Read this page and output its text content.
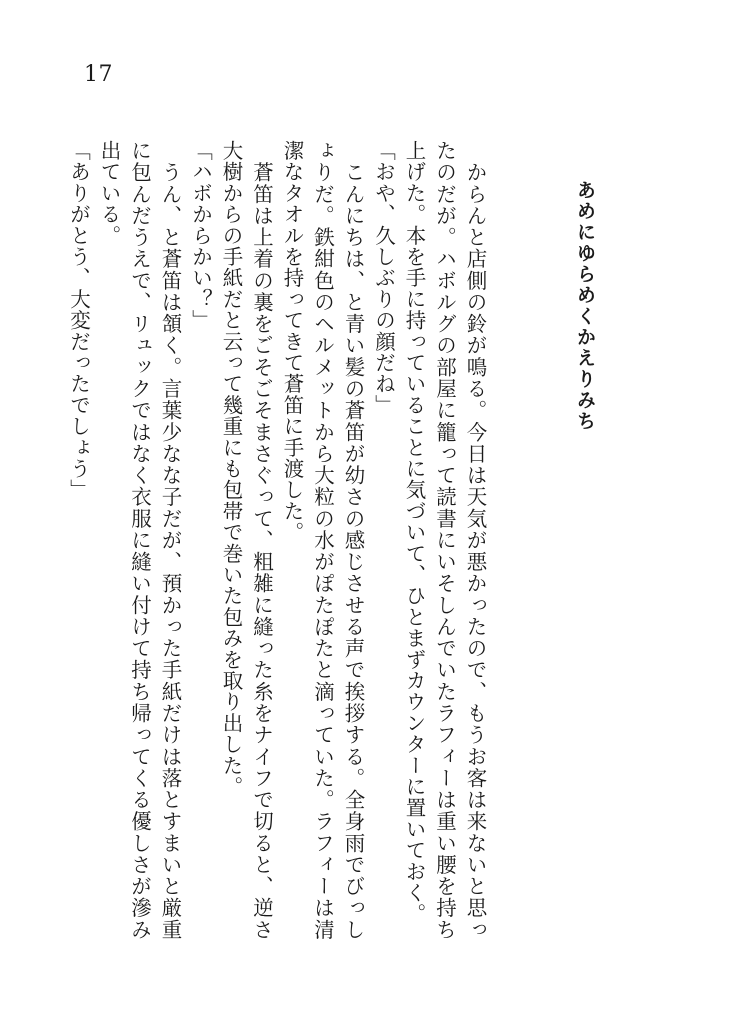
17
あめにゆらめくかえりみち

　からんと店側の鈴が鳴る。今日は天気が悪かったので、もうお客は来ないと思ったのだが。ハボルグの部屋に籠って読書にいそしんでいたラフィーは重い腰を持ち上げた。本を手に持っていることに気づいて、ひとまずカウンターに置いておく。

「おや、久しぶりの顔だね」

　こんにちは、と青い髪の蒼笛が幼さの感じさせる声で挨拶する。全身雨でびっしょりだ。鉄紺色のヘルメットから大粒の水がぽたぽたと滴っていた。ラフィーは清潔なタオルを持ってきて蒼笛に手渡した。

　蒼笛は上着の裏をごそごそまさぐって、粗雑に縫った糸をナイフで切ると、逆さ大樹からの手紙だと云って幾重にも包帯で巻いた包みを取り出した。

「ハボからかい？」

　うん、と蒼笛は頷く。言葉少なな子だが、預かった手紙だけは落とすまいと厳重に包んだうえで、リュックではなく衣服に縫い付けて持ち帰ってくる優しさが滲み出ている。

「ありがとう、大変だったでしょう」
